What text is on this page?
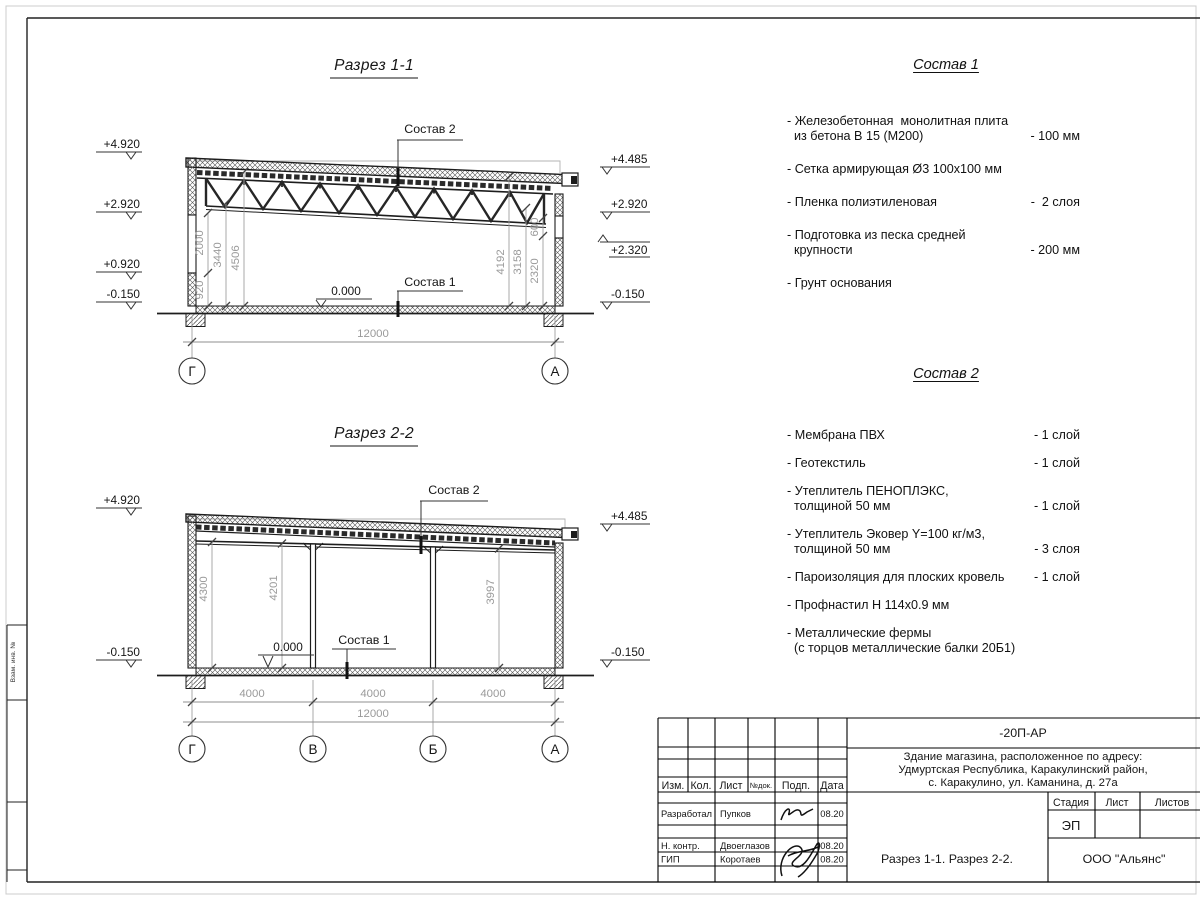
Взам. инв. №
Разрез 1-1
+4.920
+2.920
+0.920
-0.150
+4.485
+2.920
+2.320
-0.150
920
2000 3440 4506	4192 3158 2320
600
12000
Г	А
Состав 2
Состав 1
0.000
Разрез 2-2
+4.920
-0.150
+4.485
-0.150
4300	4201	3997
4000	4000	4000
12000
Г	В	Б	А
Состав 2
Состав 1
0.000
Изм. Кол. Лист №док. Подп. Дата
-20П-АР
Здание магазина, расположенное по адресу:
Удмуртская Республика, Каракулинский район,
с. Каракулино, ул. Каманина, д. 27а
Разработал Пупков	08.20
Н. контр. Двоеглазов	08.20
ГИП	Коротаев	08.20
Стадия Лист Листов
ЭП
Разрез 1-1. Разрез 2-2.	ООО "Альянс"
Состав 1
- Железобетонная  монолитная плита
из бетона В 15 (М200)	- 100 мм
- Сетка армирующая Ø3 100х100 мм
- Пленка полиэтиленовая	-  2 слоя
- Подготовка из песка средней
крупности	- 200 мм
- Грунт основания
Состав 2
- Мембрана ПВХ	- 1 слой
- Геотекстиль	- 1 слой
- Утеплитель ПЕНОПЛЭКС,
толщиной 50 мм	- 1 слой
- Утеплитель Эковер Y=100 кг/м3,
толщиной 50 мм	- 3 слоя
- Пароизоляция для плоских кровель - 1 слой
- Профнастил Н 114х0.9 мм
- Металлические фермы
(с торцов металлические балки 20Б1)
